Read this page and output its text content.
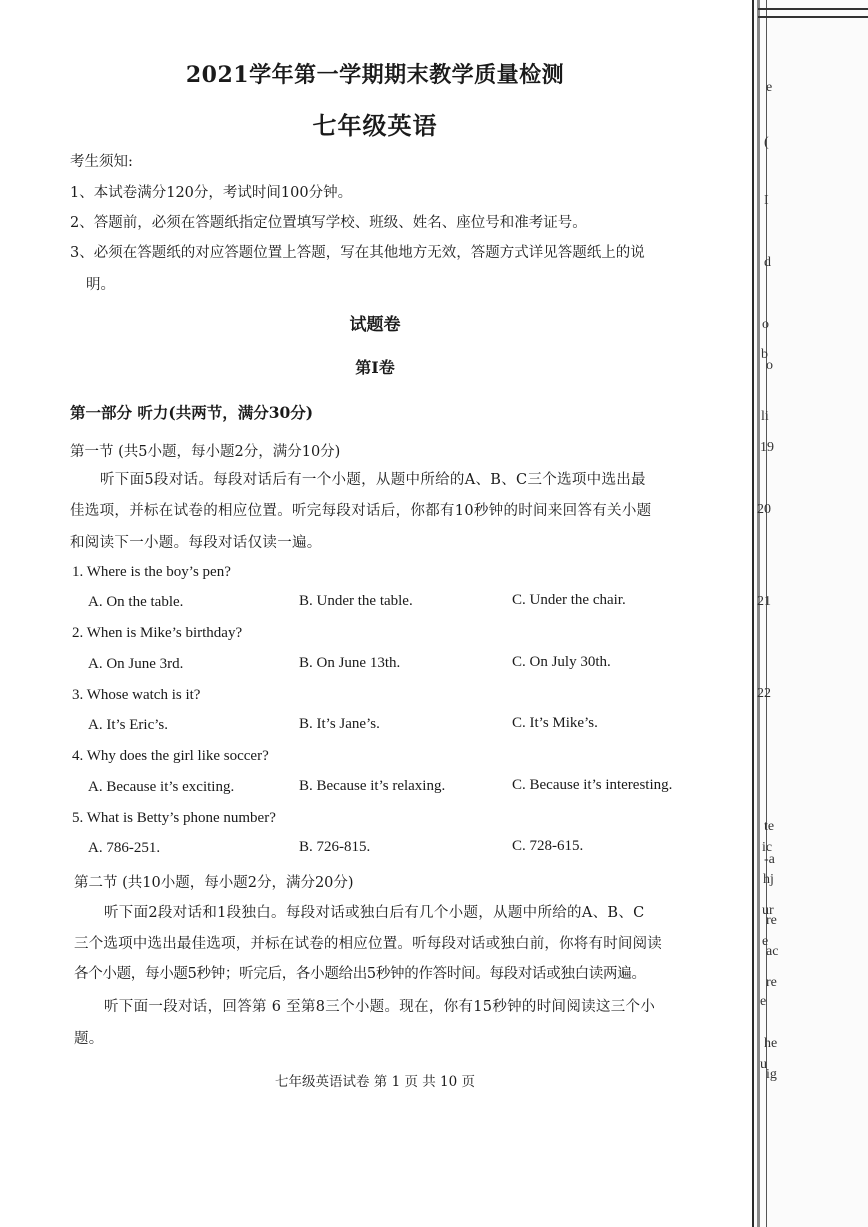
2021学年第一学期期末教学质量检测
七年级英语
考生须知:
1、本试卷满分120分，考试时间100分钟。
2、答题前，必须在答题纸指定位置填写学校、班级、姓名、座位号和准考证号。
3、必须在答题纸的对应答题位置上答题，写在其他地方无效，答题方式详见答题纸上的说
明。
试题卷
第I卷
第一部分 听力(共两节，满分30分)
第一节 (共5小题，每小题2分，满分10分)
听下面5段对话。每段对话后有一个小题，从题中所给的A、B、C三个选项中选出最
佳选项，并标在试卷的相应位置。听完每段对话后，你都有10秒钟的时间来回答有关小题
和阅读下一小题。每段对话仅读一遍。
1. Where is the boy’s pen?
A. On the table.	B. Under the table.	C. Under the chair.
2. When is Mike’s birthday?
A. On June 3rd.	B. On June 13th.	C. On July 30th.
3. Whose watch is it?
A. It’s Eric’s.	B. It’s Jane’s.	C. It’s Mike’s.
4. Why does the girl like soccer?
A. Because it’s exciting.	B. Because it’s relaxing.	C. Because it’s interesting.
5. What is Betty’s phone number?
A. 786-251.	B. 726-815.	C. 728-615.
第二节 (共10小题，每小题2分，满分20分)
听下面2段对话和1段独白。每段对话或独白后有几个小题，从题中所给的A、B、C
三个选项中选出最佳选项，并标在试卷的相应位置。听每段对话或独白前，你将有时间阅读
各个小题，每小题5秒钟；听完后，各小题给出5秒钟的作答时间。每段对话或独白读两遍。
听下面一段对话，回答第 6 至第8三个小题。现在，你有15秒钟的时间阅读这三个小
题。
七年级英语试卷 第 1 页 共 10 页
e
(
I
d
o
b
o
li
19
20
21
22
te
ic
-a
hj
ur
re
e
ac
re
e
he
u
ig
